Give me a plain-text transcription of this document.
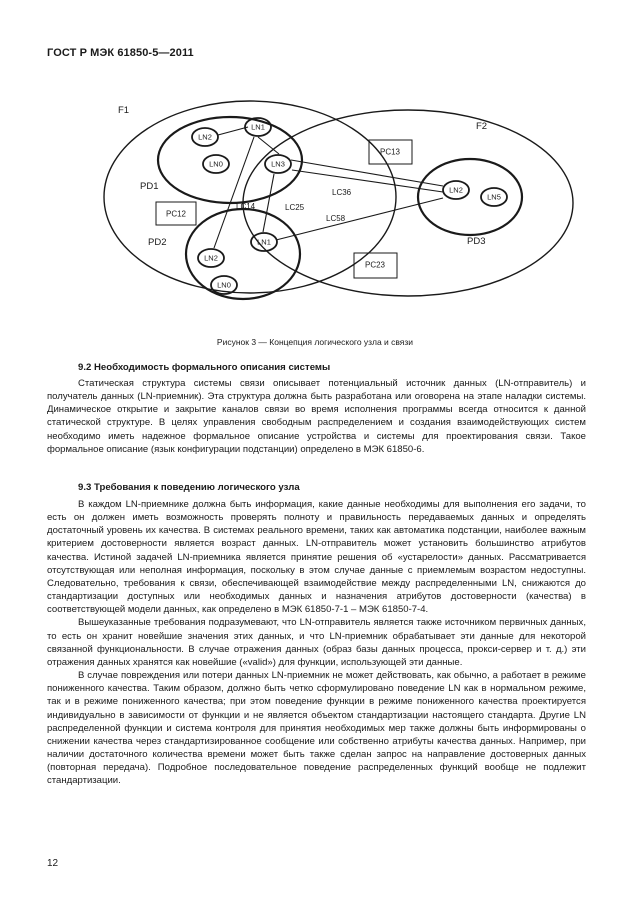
ГОСТ Р МЭК 61850-5—2011
F1
F2
PD1
PD2	PD3
LN2
LN1
LN0	LN3
LN2
LN0
LN1
LN2
LN5
PC12
PC13
PC23
LC14	LC25
LC36
LC58
Рисунок 3 — Концепция логического узла и связи
9.2 Необходимость формального описания системы

Статическая структура системы связи описывает потенциальный источник данных (LN-отправитель) и получатель данных (LN-приемник). Эта структура должна быть разработана или оговорена на этапе наладки системы. Динамическое открытие и закрытие каналов связи во время исполнения программы всегда относится к данной статической структуре. В целях управления свободным распределением и создания взаимодействующих систем необходимо иметь надежное формальное описание устройства и системы для проектирования связи. Такое формальное описание (язык конфигурации подстанции) определено в МЭК 61850-6.

9.3 Требования к поведению логического узла

В каждом LN-приемнике должна быть информация, какие данные необходимы для выполнения его задачи, то есть он должен иметь возможность проверять полноту и правильность передаваемых данных и определять достаточный уровень их качества. В системах реального времени, таких как автоматика подстанции, наиболее важным критерием достоверности является возраст данных. LN-отправитель может установить большинство атрибутов качества. Истиной задачей LN-приемника является принятие решения об «устарелости» данных. Рассматривается отсутствующая или неполная информация, поскольку в этом случае данные с приемлемым возрастом недоступны. Следовательно, требования к связи, обеспечивающей взаимодействие между распределенными LN, снижаются до стандартизации доступных или необходимых данных и назначения атрибутов достоверности (качества) в соответствующей модели данных, как определено в МЭК 61850-7-1 – МЭК 61850-7-4.

Вышеуказанные требования подразумевают, что LN-отправитель является также источником первичных данных, то есть он хранит новейшие значения этих данных, и что LN-приемник обрабатывает эти данные для некоторой связанной функциональности. В случае отражения данных (образ базы данных процесса, прокси-сервер и т. д.) эти отражения данных хранятся как новейшие («valid») для функции, использующей эти данные.

В случае повреждения или потери данных LN-приемник не может действовать, как обычно, а работает в режиме пониженного качества. Таким образом, должно быть четко сформулировано поведение LN как в нормальном режиме, так и в режиме пониженного качества; при этом поведение функции в режиме пониженного качества проектируется индивидуально в зависимости от функции и не является объектом стандартизации настоящего стандарта. Другие LN распределенной функции и система контроля для принятия необходимых мер также должны быть информированы о снижении качества через стандартизированное сообщение или собственно атрибуты качества данных. Например, при наличии достаточного количества времени может быть также сделан запрос на направление достоверных данных (повторная передача). Подробное последовательное поведение распределенных функций вообще не подлежит стандартизации.

12
